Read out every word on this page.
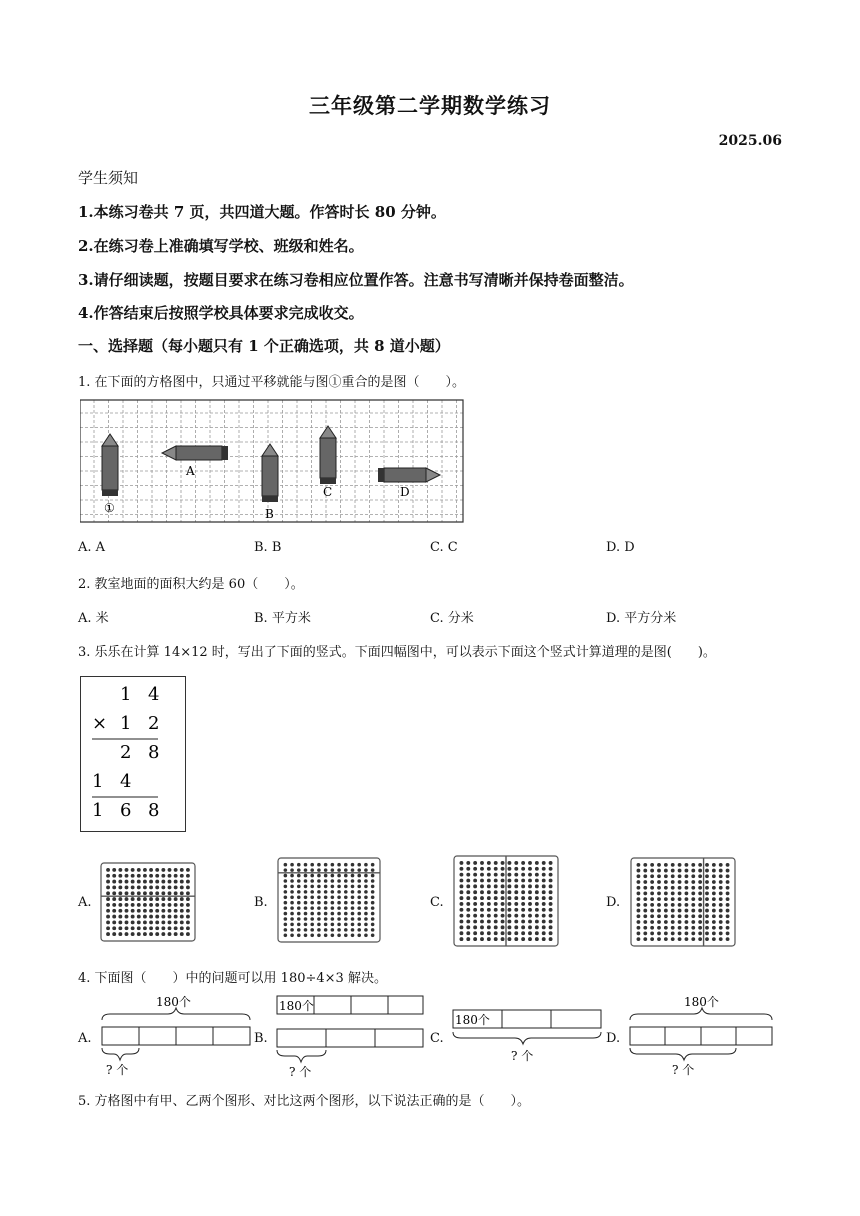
三年级第二学期数学练习
2025.06
学生须知
1.本练习卷共 7 页，共四道大题。作答时长 80 分钟。
2.在练习卷上准确填写学校、班级和姓名。
3.请仔细读题，按题目要求在练习卷相应位置作答。注意书写清晰并保持卷面整洁。
4.作答结束后按照学校具体要求完成收交。
一、选择题（每小题只有 1 个正确选项，共 8 道小题）
1. 在下面的方格图中，只通过平移就能与图①重合的是图（　　）。
①
A
B
C	D
A. A	B. B	C. C	D. D
2. 教室地面的面积大约是 60（　　）。
A. 米	B. 平方米	C. 分米	D. 平方分米
3. 乐乐在计算 14×12 时，写出了下面的竖式。下面四幅图中，可以表示下面这个竖式计算道理的是图(　　)。
1 4
× 1 2
2 8
1 4
1 6 8
A.	B.	C.	D.
4. 下面图（　　）中的问题可以用 180÷4×3 解决。
A.	B.	C.	D.
180个
? 个
180个
? 个
180个
? 个
180个
? 个
5. 方格图中有甲、乙两个图形、对比这两个图形，以下说法正确的是（　　）。
